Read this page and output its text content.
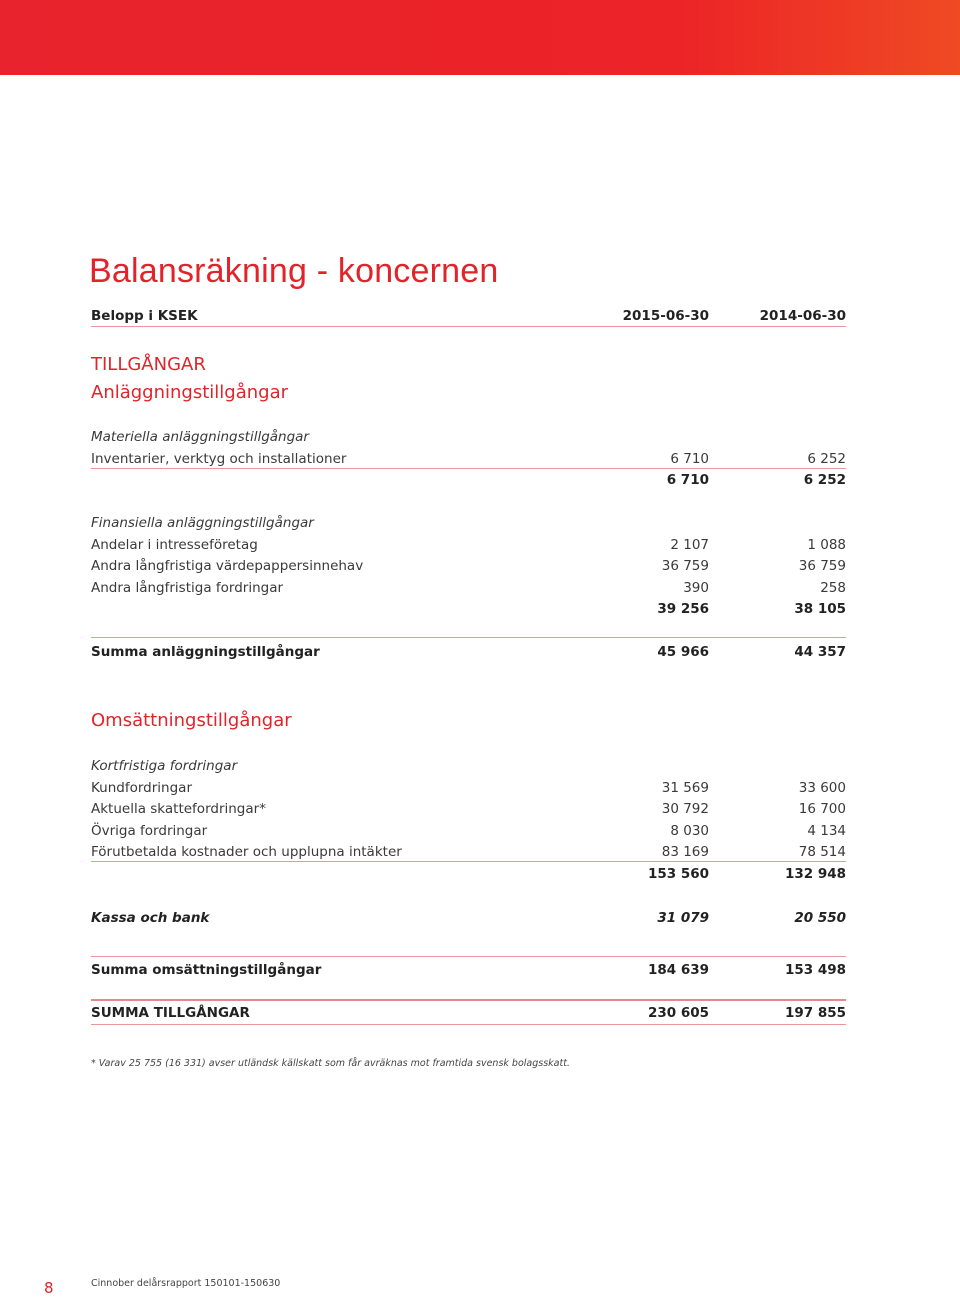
Balansräkning - koncernen
Belopp i KSEK	2015-06-30	2014-06-30
TILLGÅNGAR
Anläggningstillgångar
Materiella anläggningstillgångar
Inventarier, verktyg och installationer	6 710	6 252
6 710	6 252
Finansiella anläggningstillgångar
Andelar i intresseföretag	2 107	1 088
Andra långfristiga värdepappersinnehav	36 759	36 759
Andra långfristiga fordringar	390	258
39 256	38 105
Summa anläggningstillgångar	45 966	44 357
Omsättningstillgångar
Kortfristiga fordringar
Kundfordringar	31 569	33 600
Aktuella skattefordringar*	30 792	16 700
Övriga fordringar	8 030	4 134
Förutbetalda kostnader och upplupna intäkter	83 169	78 514
153 560	132 948
Kassa och bank	31 079	20 550
Summa omsättningstillgångar	184 639	153 498
SUMMA TILLGÅNGAR	230 605	197 855
* Varav 25 755 (16 331) avser utländsk källskatt som får avräknas mot framtida svensk bolagsskatt.
8	Cinnober delårsrapport 150101-150630
